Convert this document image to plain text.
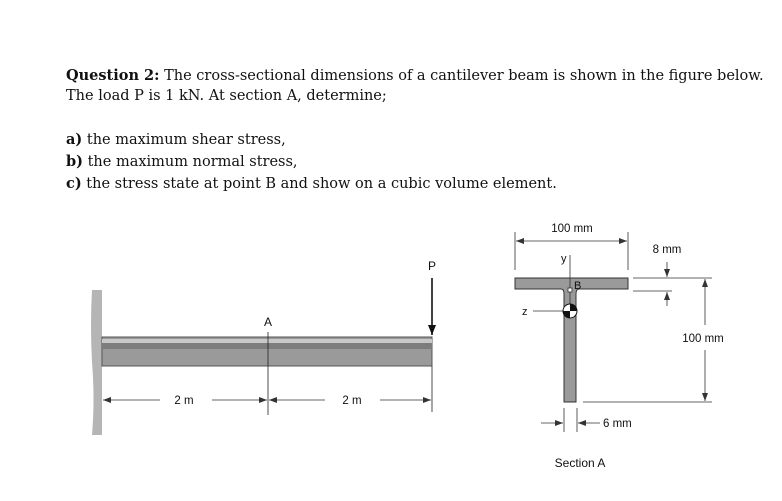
Question 2: The cross-sectional dimensions of a cantilever beam is shown in the figure below.
The load P is 1 kN. At section A, determine;
a) the maximum shear stress,
b) the maximum normal stress,
c) the stress state at point B and show on a cubic volume element.
A
P
2 m	2 m
100 mm
y
B
z
8 mm
100 mm
6 mm
Section A
